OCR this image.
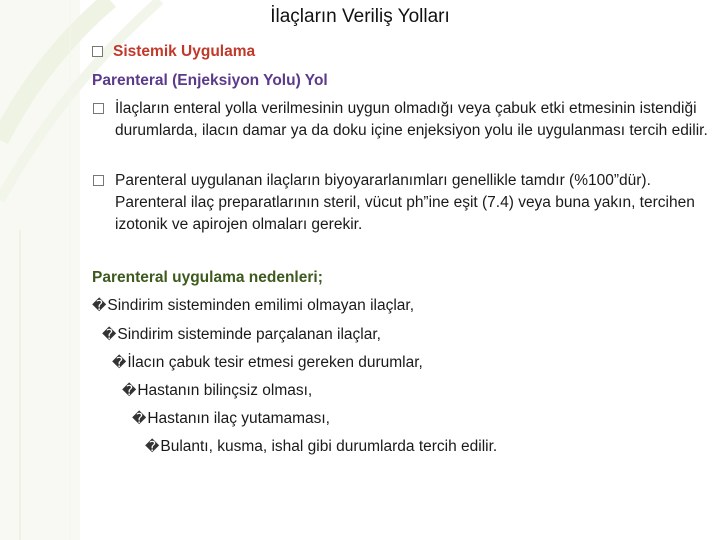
İlaçların Veriliş Yolları
Sistemik Uygulama
Parenteral (Enjeksiyon Yolu) Yol
İlaçların enteral yolla verilmesinin uygun olmadığı veya çabuk etki etmesinin istendiği durumlarda, ilacın damar ya da doku içine enjeksiyon yolu ile uygulanması tercih edilir.
Parenteral uygulanan ilaçların biyoyararlanımları genellikle tamdır (%100”dür). Parenteral ilaç preparatlarının steril, vücut ph”ine eşit (7.4) veya buna yakın, tercihen izotonik ve apirojen olmaları gerekir.
Parenteral uygulama nedenleri;
�Sindirim sisteminden emilimi olmayan ilaçlar,
�Sindirim sisteminde parçalanan ilaçlar,
�İlacın çabuk tesir etmesi gereken durumlar,
�Hastanın bilinçsiz olması,
�Hastanın ilaç yutamaması,
�Bulantı, kusma, ishal gibi durumlarda tercih edilir.
